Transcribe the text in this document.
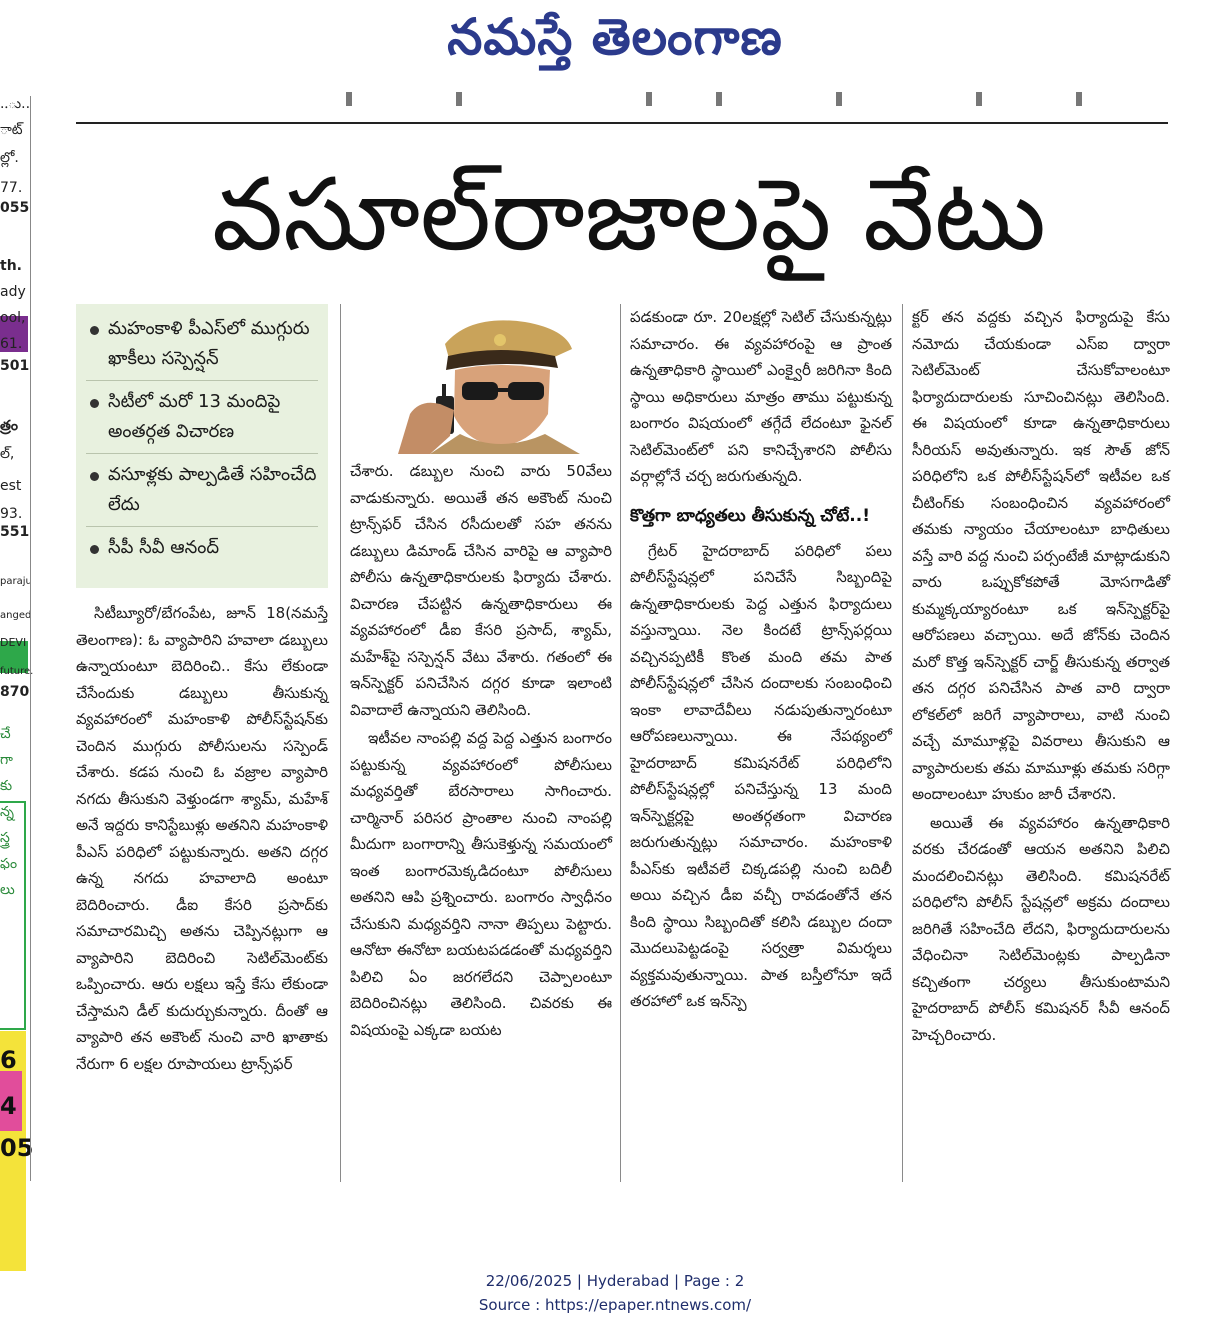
నమస్తే తెలంగాణ
..ు..
ాట్
ల్లో.
77.
055
S
th.
ady
ool,
61.
501
త్రం
ల్,
est
93.
551
E
paraju
anged
DEVI
future.
870
చే
గా
కు
న్న
స్త్ర
ఫం
లు
6
4
05
వసూల్‌రాజాలపై వేటు
మహంకాళి పీఎస్‌లో ముగ్గురు ఖాకీలు సస్పెన్షన్
సిటీలో మరో 13 మందిపై అంతర్గత విచారణ
వసూళ్లకు పాల్పడితే సహించేది లేదు
సీపీ సీవీ ఆనంద్

సిటీబ్యూరో/బేగంపేట, జూన్ 18(నమస్తే తెలంగాణ): ఓ వ్యాపారిని హవాలా డబ్బులు ఉన్నాయంటూ బెదిరించి.. కేసు లేకుండా చేసేందుకు డబ్బులు తీసుకున్న వ్యవహారంలో మహంకాళి పోలీస్‌స్టేషన్‌కు చెందిన ముగ్గురు పోలీసులను సస్పెండ్ చేశారు. కడప నుంచి ఓ వజ్రాల వ్యాపారి నగదు తీసుకుని వెళ్తుండగా శ్యామ్, మహేశ్ అనే ఇద్దరు కానిస్టేబుళ్లు అతనిని మహంకాళి పీఎస్ పరిధిలో పట్టుకున్నారు. అతని దగ్గర ఉన్న నగదు హవాలాది అంటూ బెదిరించారు. డీఐ కేసరి ప్రసాద్‌కు సమాచారమిచ్చి అతను చెప్పినట్లుగా ఆ వ్యాపారిని బెదిరించి సెటిల్‌మెంట్‌కు ఒప్పించారు. ఆరు లక్షలు ఇస్తే కేసు లేకుండా చేస్తామని డీల్ కుదుర్చుకున్నారు. దీంతో ఆ వ్యాపారి తన అకౌంట్ నుంచి వారి ఖాతాకు నేరుగా 6 లక్షల రూపాయలు ట్రాన్స్‌ఫర్

చేశారు. డబ్బుల నుంచి వారు 50వేలు వాడుకున్నారు. అయితే తన అకౌంట్ నుంచి ట్రాన్స్‌ఫర్ చేసిన రసీదులతో సహ తనను డబ్బులు డిమాండ్ చేసిన వారిపై ఆ వ్యాపారి పోలీసు ఉన్నతాధికారులకు ఫిర్యాదు చేశారు. విచారణ చేపట్టిన ఉన్నతాధికారులు ఈ వ్యవహారంలో డీఐ కేసరి ప్రసాద్, శ్యామ్, మహేశ్‌పై సస్పెన్షన్ వేటు వేశారు. గతంలో ఈ ఇన్‌స్పెక్టర్ పనిచేసిన దగ్గర కూడా ఇలాంటి వివాదాలే ఉన్నాయని తెలిసింది.

ఇటీవల నాంపల్లి వద్ద పెద్ద ఎత్తున బంగారం పట్టుకున్న వ్యవహారంలో పోలీసులు మధ్యవర్తితో బేరసారాలు సాగించారు. చార్మినార్ పరిసర ప్రాంతాల నుంచి నాంపల్లి మీదుగా బంగారాన్ని తీసుకెళ్తున్న సమయంలో ఇంత బంగారమెక్కడిదంటూ పోలీసులు అతనిని ఆపి ప్రశ్నించారు. బంగారం స్వాధీనం చేసుకుని మధ్యవర్తిని నానా తిప్పలు పెట్టారు. ఆనోటా ఈనోటా బయటపడడంతో మధ్యవర్తిని పిలిచి ఏం జరగలేదని చెప్పాలంటూ బెదిరించినట్లు తెలిసింది. చివరకు ఈ విషయంపై ఎక్కడా బయట

పడకుండా రూ. 20లక్షల్లో సెటిల్ చేసుకున్నట్లు సమాచారం. ఈ వ్యవహారంపై ఆ ప్రాంత ఉన్నతాధికారి స్థాయిలో ఎంక్వైరీ జరిగినా కింది స్థాయి అధికారులు మాత్రం తాము పట్టుకున్న బంగారం విషయంలో తగ్గేదే లేదంటూ ఫైనల్ సెటిల్‌మెంట్‌లో పని కానిచ్చేశారని పోలీసు వర్గాల్లోనే చర్చ జరుగుతున్నది.

కొత్తగా బాధ్యతలు తీసుకున్న చోటే..!

గ్రేటర్ హైదరాబాద్ పరిధిలో పలు పోలీస్‌స్టేషన్లలో పనిచేసే సిబ్బందిపై ఉన్నతాధికారులకు పెద్ద ఎత్తున ఫిర్యాదులు వస్తున్నాయి. నెల కిందటే ట్రాన్స్‌ఫర్లయి వచ్చినప్పటికీ కొంత మంది తమ పాత పోలీస్‌స్టేషన్లలో చేసిన దందాలకు సంబంధించి ఇంకా లావాదేవీలు నడుపుతున్నారంటూ ఆరోపణలున్నాయి. ఈ నేపథ్యంలో హైదరాబాద్ కమిషనరేట్ పరిధిలోని పోలీస్‌స్టేషన్లల్లో పనిచేస్తున్న 13 మంది ఇన్‌స్పెక్టర్లపై అంతర్గతంగా విచారణ జరుగుతున్నట్లు సమాచారం. మహంకాళి పీఎస్‌కు ఇటీవలే చిక్కడపల్లి నుంచి బదిలీ అయి వచ్చిన డీఐ వచ్చీ రావడంతోనే తన కింది స్థాయి సిబ్బందితో కలిసి డబ్బుల దందా మొదలుపెట్టడంపై సర్వత్రా విమర్శలు వ్యక్తమవుతున్నాయి. పాత బస్తీలోనూ ఇదే తరహాలో ఒక ఇన్‌స్పె

క్టర్ తన వద్దకు వచ్చిన ఫిర్యాదుపై కేసు నమోదు చేయకుండా ఎస్‌ఐ ద్వారా సెటిల్‌మెంట్ చేసుకోవాలంటూ ఫిర్యాదుదారులకు సూచించినట్లు తెలిసింది. ఈ విషయంలో కూడా ఉన్నతాధికారులు సీరియస్ అవుతున్నారు. ఇక సౌత్ జోన్ పరిధిలోని ఒక పోలీస్‌స్టేషన్‌లో ఇటీవల ఒక చీటింగ్‌కు సంబంధించిన వ్యవహారంలో తమకు న్యాయం చేయాలంటూ బాధితులు వస్తే వారి వద్ద నుంచి పర్సంటేజీ మాట్లాడుకుని వారు ఒప్పుకోకపోతే మోసగాడితో కుమ్మక్కయ్యారంటూ ఒక ఇన్‌స్పెక్టర్‌పై ఆరోపణలు వచ్చాయి. అదే జోన్‌కు చెందిన మరో కొత్త ఇన్‌స్పెక్టర్ చార్జ్ తీసుకున్న తర్వాత తన దగ్గర పనిచేసిన పాత వారి ద్వారా లోకల్‌లో జరిగే వ్యాపారాలు, వాటి నుంచి వచ్చే మామూళ్లపై వివరాలు తీసుకుని ఆ వ్యాపారులకు తమ మామూళ్లు తమకు సరిగ్గా అందాలంటూ హుకుం జారీ చేశారని.

అయితే ఈ వ్యవహారం ఉన్నతాధికారి వరకు చేరడంతో ఆయన అతనిని పిలిచి మందలించినట్లు తెలిసింది. కమిషనరేట్ పరిధిలోని పోలీస్ స్టేషన్లలో అక్రమ దందాలు జరిగితే సహించేది లేదని, ఫిర్యాదుదారులను వేధించినా సెటిల్‌మెంట్లకు పాల్పడినా కచ్చితంగా చర్యలు తీసుకుంటామని హైదరాబాద్ పోలీస్ కమిషనర్ సీవీ ఆనంద్ హెచ్చరించారు.

22/06/2025 | Hyderabad | Page : 2
Source : https://epaper.ntnews.com/
